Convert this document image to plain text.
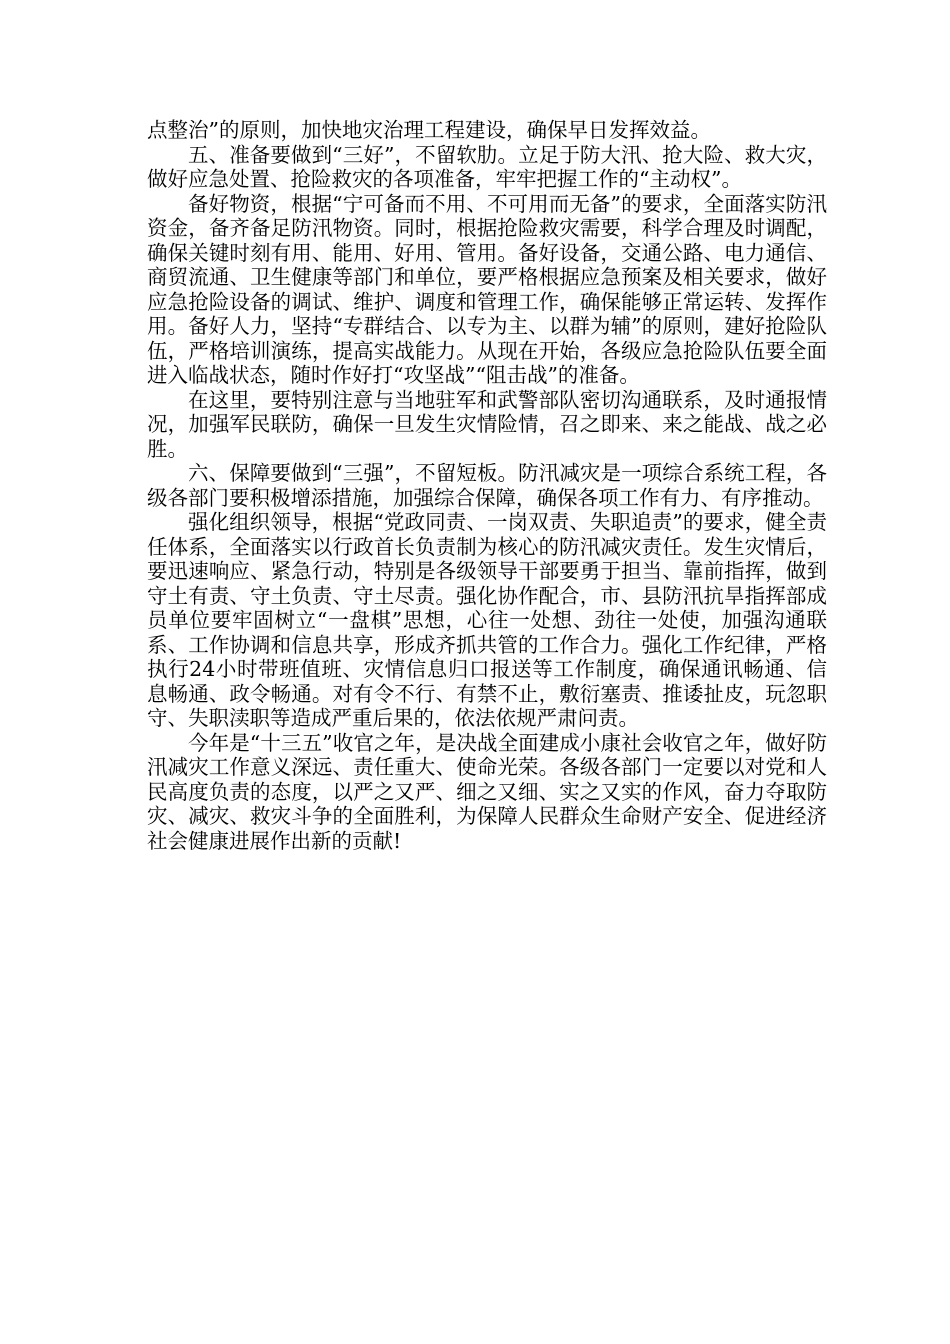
点整治”的原则，加快地灾治理工程建设，确保早日发挥效益。

五、准备要做到“三好”，不留软肋。立足于防大汛、抢大险、救大灾，做好应急处置、抢险救灾的各项准备，牢牢把握工作的“主动权”。

备好物资，根据“宁可备而不用、不可用而无备”的要求，全面落实防汛资金，备齐备足防汛物资。同时，根据抢险救灾需要，科学合理及时调配，确保关键时刻有用、能用、好用、管用。备好设备，交通公路、电力通信、商贸流通、卫生健康等部门和单位，要严格根据应急预案及相关要求，做好应急抢险设备的调试、维护、调度和管理工作，确保能够正常运转、发挥作用。备好人力，坚持“专群结合、以专为主、以群为辅”的原则，建好抢险队伍，严格培训演练，提高实战能力。从现在开始，各级应急抢险队伍要全面进入临战状态，随时作好打“攻坚战”“阻击战”的准备。

在这里，要特别注意与当地驻军和武警部队密切沟通联系，及时通报情况，加强军民联防，确保一旦发生灾情险情，召之即来、来之能战、战之必胜。

六、保障要做到“三强”，不留短板。防汛减灾是一项综合系统工程，各级各部门要积极增添措施，加强综合保障，确保各项工作有力、有序推动。

强化组织领导，根据“党政同责、一岗双责、失职追责”的要求，健全责任体系，全面落实以行政首长负责制为核心的防汛减灾责任。发生灾情后，要迅速响应、紧急行动，特别是各级领导干部要勇于担当、靠前指挥，做到守土有责、守土负责、守土尽责。强化协作配合，市、县防汛抗旱指挥部成员单位要牢固树立“一盘棋”思想，心往一处想、劲往一处使，加强沟通联系、工作协调和信息共享，形成齐抓共管的工作合力。强化工作纪律，严格执行24小时带班值班、灾情信息归口报送等工作制度，确保通讯畅通、信息畅通、政令畅通。对有令不行、有禁不止，敷衍塞责、推诿扯皮，玩忽职守、失职渎职等造成严重后果的，依法依规严肃问责。

今年是“十三五”收官之年，是决战全面建成小康社会收官之年，做好防汛减灾工作意义深远、责任重大、使命光荣。各级各部门一定要以对党和人民高度负责的态度，以严之又严、细之又细、实之又实的作风，奋力夺取防灾、减灾、救灾斗争的全面胜利，为保障人民群众生命财产安全、促进经济社会健康进展作出新的贡献!
